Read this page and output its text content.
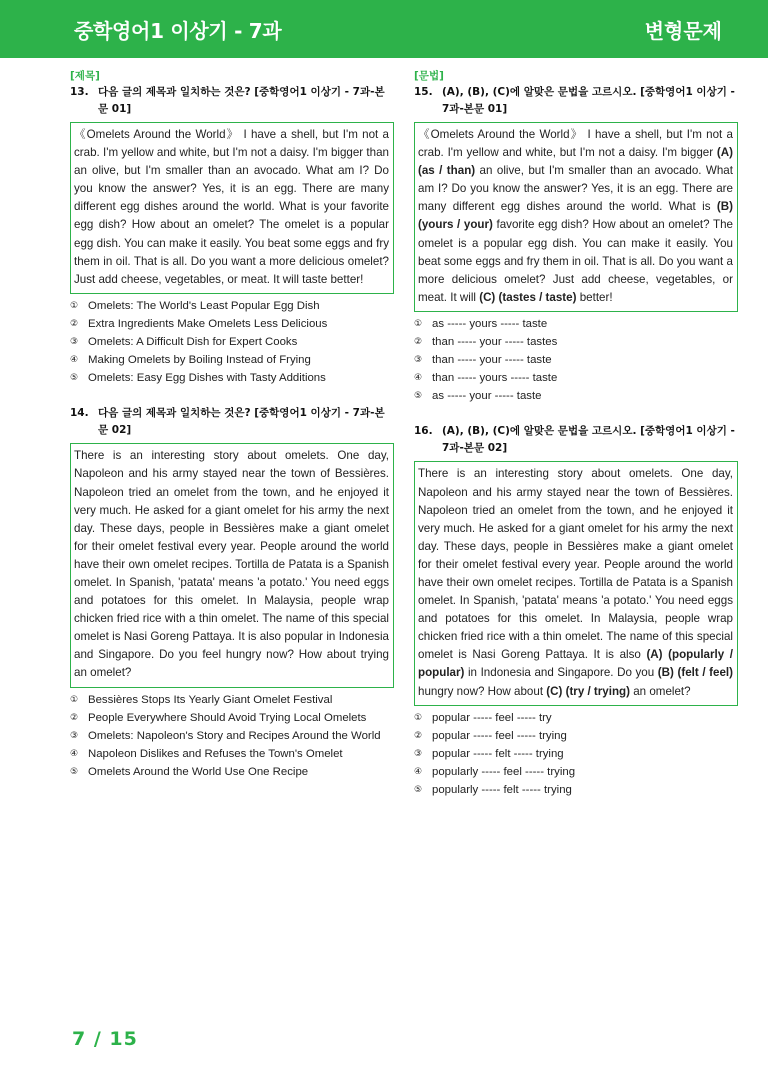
중학영어1 이상기 - 7과	변형문제
[제목]
13. 다음 글의 제목과 일치하는 것은? [중학영어1 이상기 - 7과-본문 01]
《Omelets Around the World》 I have a shell, but I'm not a crab. I'm yellow and white, but I'm not a daisy. I'm bigger than an olive, but I'm smaller than an avocado. What am I? Do you know the answer? Yes, it is an egg. There are many different egg dishes around the world. What is your favorite egg dish? How about an omelet? The omelet is a popular egg dish. You can make it easily. You beat some eggs and fry them in oil. That is all. Do you want a more delicious omelet? Just add cheese, vegetables, or meat. It will taste better!
① Omelets: The World's Least Popular Egg Dish
② Extra Ingredients Make Omelets Less Delicious
③ Omelets: A Difficult Dish for Expert Cooks
④ Making Omelets by Boiling Instead of Frying
⑤ Omelets: Easy Egg Dishes with Tasty Additions
14. 다음 글의 제목과 일치하는 것은? [중학영어1 이상기 - 7과-본문 02]
There is an interesting story about omelets. One day, Napoleon and his army stayed near the town of Bessières. Napoleon tried an omelet from the town, and he enjoyed it very much. He asked for a giant omelet for his army the next day. These days, people in Bessières make a giant omelet for their omelet festival every year. People around the world have their own omelet recipes. Tortilla de Patata is a Spanish omelet. In Spanish, 'patata' means 'a potato.' You need eggs and potatoes for this omelet. In Malaysia, people wrap chicken fried rice with a thin omelet. The name of this special omelet is Nasi Goreng Pattaya. It is also popular in Indonesia and Singapore. Do you feel hungry now? How about trying an omelet?
① Bessières Stops Its Yearly Giant Omelet Festival
② People Everywhere Should Avoid Trying Local Omelets
③ Omelets: Napoleon's Story and Recipes Around the World
④ Napoleon Dislikes and Refuses the Town's Omelet
⑤ Omelets Around the World Use One Recipe
[문법]
15. (A), (B), (C)에 알맞은 문법을 고르시오. [중학영어1 이상기 - 7과-본문 01]
《Omelets Around the World》 I have a shell, but I'm not a crab. I'm yellow and white, but I'm not a daisy. I'm bigger (A) (as / than) an olive, but I'm smaller than an avocado. What am I? Do you know the answer? Yes, it is an egg. There are many different egg dishes around the world. What is (B) (yours / your) favorite egg dish? How about an omelet? The omelet is a popular egg dish. You can make it easily. You beat some eggs and fry them in oil. That is all. Do you want a more delicious omelet? Just add cheese, vegetables, or meat. It will (C) (tastes / taste) better!
① as ----- yours ----- taste
② than ----- your ----- tastes
③ than ----- your ----- taste
④ than ----- yours ----- taste
⑤ as ----- your ----- taste
16. (A), (B), (C)에 알맞은 문법을 고르시오. [중학영어1 이상기 - 7과-본문 02]
There is an interesting story about omelets. One day, Napoleon and his army stayed near the town of Bessières. Napoleon tried an omelet from the town, and he enjoyed it very much. He asked for a giant omelet for his army the next day. These days, people in Bessières make a giant omelet for their omelet festival every year. People around the world have their own omelet recipes. Tortilla de Patata is a Spanish omelet. In Spanish, 'patata' means 'a potato.' You need eggs and potatoes for this omelet. In Malaysia, people wrap chicken fried rice with a thin omelet. The name of this special omelet is Nasi Goreng Pattaya. It is also (A) (popularly / popular) in Indonesia and Singapore. Do you (B) (felt / feel) hungry now? How about (C) (try / trying) an omelet?
① popular ----- feel ----- try
② popular ----- feel ----- trying
③ popular ----- felt ----- trying
④ popularly ----- feel ----- trying
⑤ popularly ----- felt ----- trying
7 / 15
